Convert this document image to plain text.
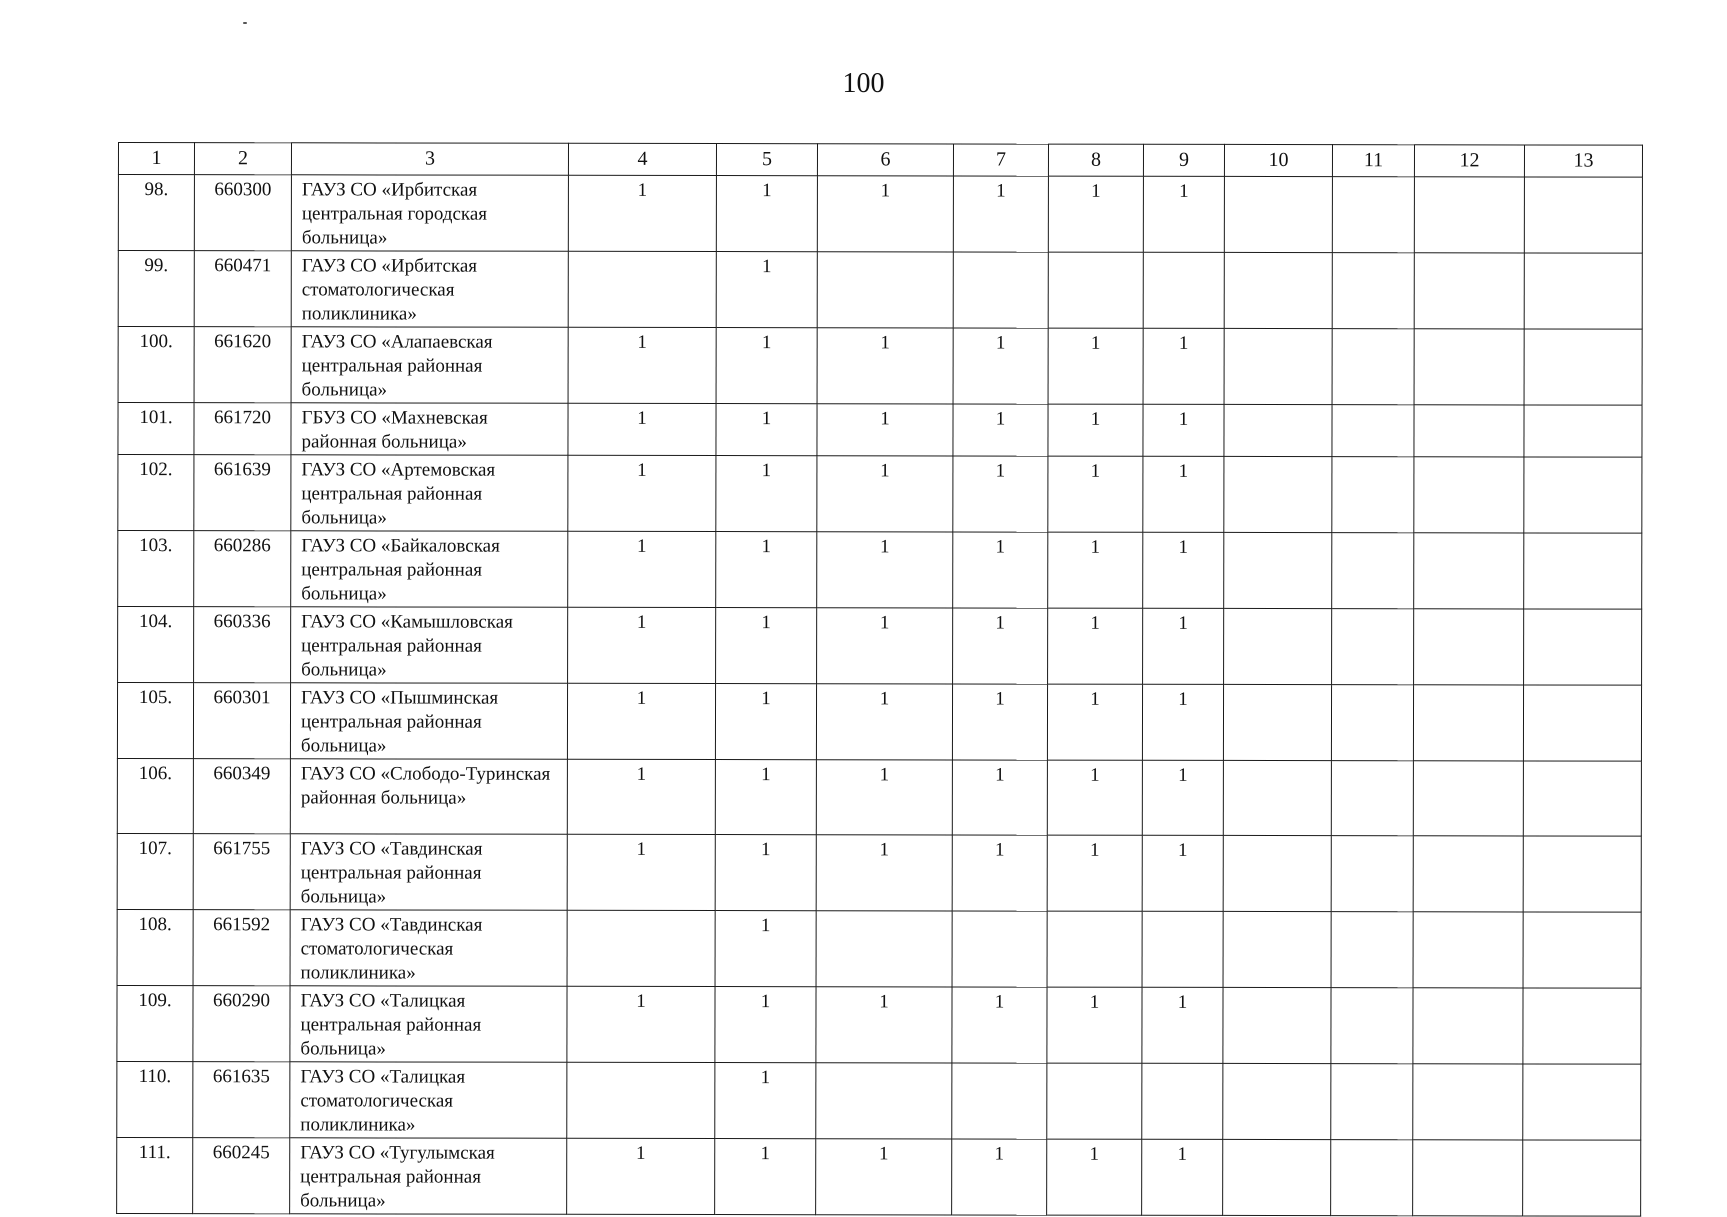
100
1	2	3	4	5	6	7	8	9	10	11	12	13
98.	660300	ГАУЗ СО «Ирбитская центральная городская больница»	1	1	1	1	1	1				
99.	660471	ГАУЗ СО «Ирбитская стоматологическая поликлиника»		1								
100.	661620	ГАУЗ СО «Алапаевская центральная районная больница»	1	1	1	1	1	1				
101.	661720	ГБУЗ СО «Махневская районная больница»	1	1	1	1	1	1				
102.	661639	ГАУЗ СО «Артемовская центральная районная больница»	1	1	1	1	1	1				
103.	660286	ГАУЗ СО «Байкаловская центральная районная больница»	1	1	1	1	1	1				
104.	660336	ГАУЗ СО «Камышловская центральная районная больница»	1	1	1	1	1	1				
105.	660301	ГАУЗ СО «Пышминская центральная районная больница»	1	1	1	1	1	1				
106.	660349	ГАУЗ СО «Слободо-Туринская районная больница»	1	1	1	1	1	1				
107.	661755	ГАУЗ СО «Тавдинская центральная районная больница»	1	1	1	1	1	1				
108.	661592	ГАУЗ СО «Тавдинская стоматологическая поликлиника»		1								
109.	660290	ГАУЗ СО «Талицкая центральная районная больница»	1	1	1	1	1	1				
110.	661635	ГАУЗ СО «Талицкая стоматологическая поликлиника»		1								
111.	660245	ГАУЗ СО «Тугулымская центральная районная больница»	1	1	1	1	1	1				
